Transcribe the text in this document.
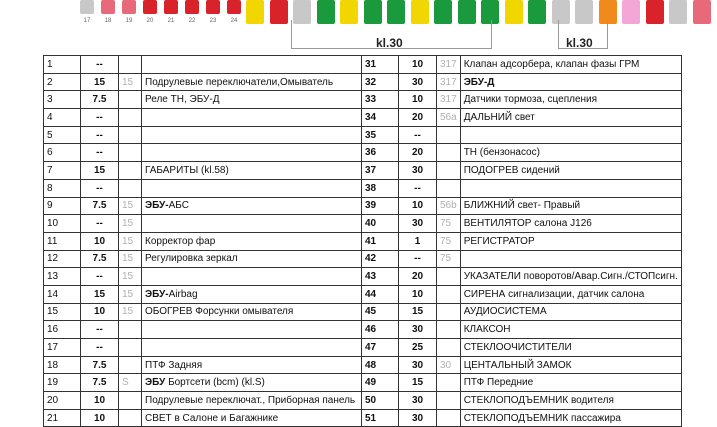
17	18	19	20	21	22	23	24
kl.30	kl.30
1	--			31	10	317	Клапан адсорбера, клапан фазы ГРМ
2	15	15	Подрулевые переключатели,Омыватель	32	30	317	ЭБУ-Д
3	7.5		Реле ТН, ЭБУ-Д	33	10	317	Датчики тормоза, сцепления
4	--			34	20	56a	ДАЛЬНИЙ свет
5	--			35	--		
6	--			36	20		ТН (бензонасос)
7	15		ГАБАРИТЫ (kl.58)	37	30		ПОДОГРЕВ сидений
8	--			38	--		
9	7.5	15	ЭБУ-АБС	39	10	56b	БЛИЖНИЙ свет- Правый
10	--	15		40	30	75	ВЕНТИЛЯТОР салона J126
11	10	15	Корректор фар	41	1	75	РЕГИСТРАТОР
12	7.5	15	Регулировка зеркал	42	--	75	
13	--	15		43	20		УКАЗАТЕЛИ поворотов/Авар.Сигн./СТОПсигн.
14	15	15	ЭБУ-Airbag	44	10		СИРЕНА сигнализации, датчик салона
15	10	15	ОБОГРЕВ Форсунки омывателя	45	15		АУДИОСИСТЕМА
16	--			46	30		КЛАКСОН
17	--			47	25		СТЕКЛООЧИСТИТЕЛИ
18	7.5		ПТФ Задняя	48	30	30	ЦЕНТАЛЬНЫЙ ЗАМОК
19	7.5	S	ЭБУ Бортсети (bcm) (kl.S)	49	15		ПТФ Передние
20	10		Подрулевые переключат., Приборная панель	50	30		СТЕКЛОПОДЪЕМНИК водителя
21	10		СВЕТ в Салоне и Багажнике	51	30		СТЕКЛОПОДЪЕМНИК пассажира
